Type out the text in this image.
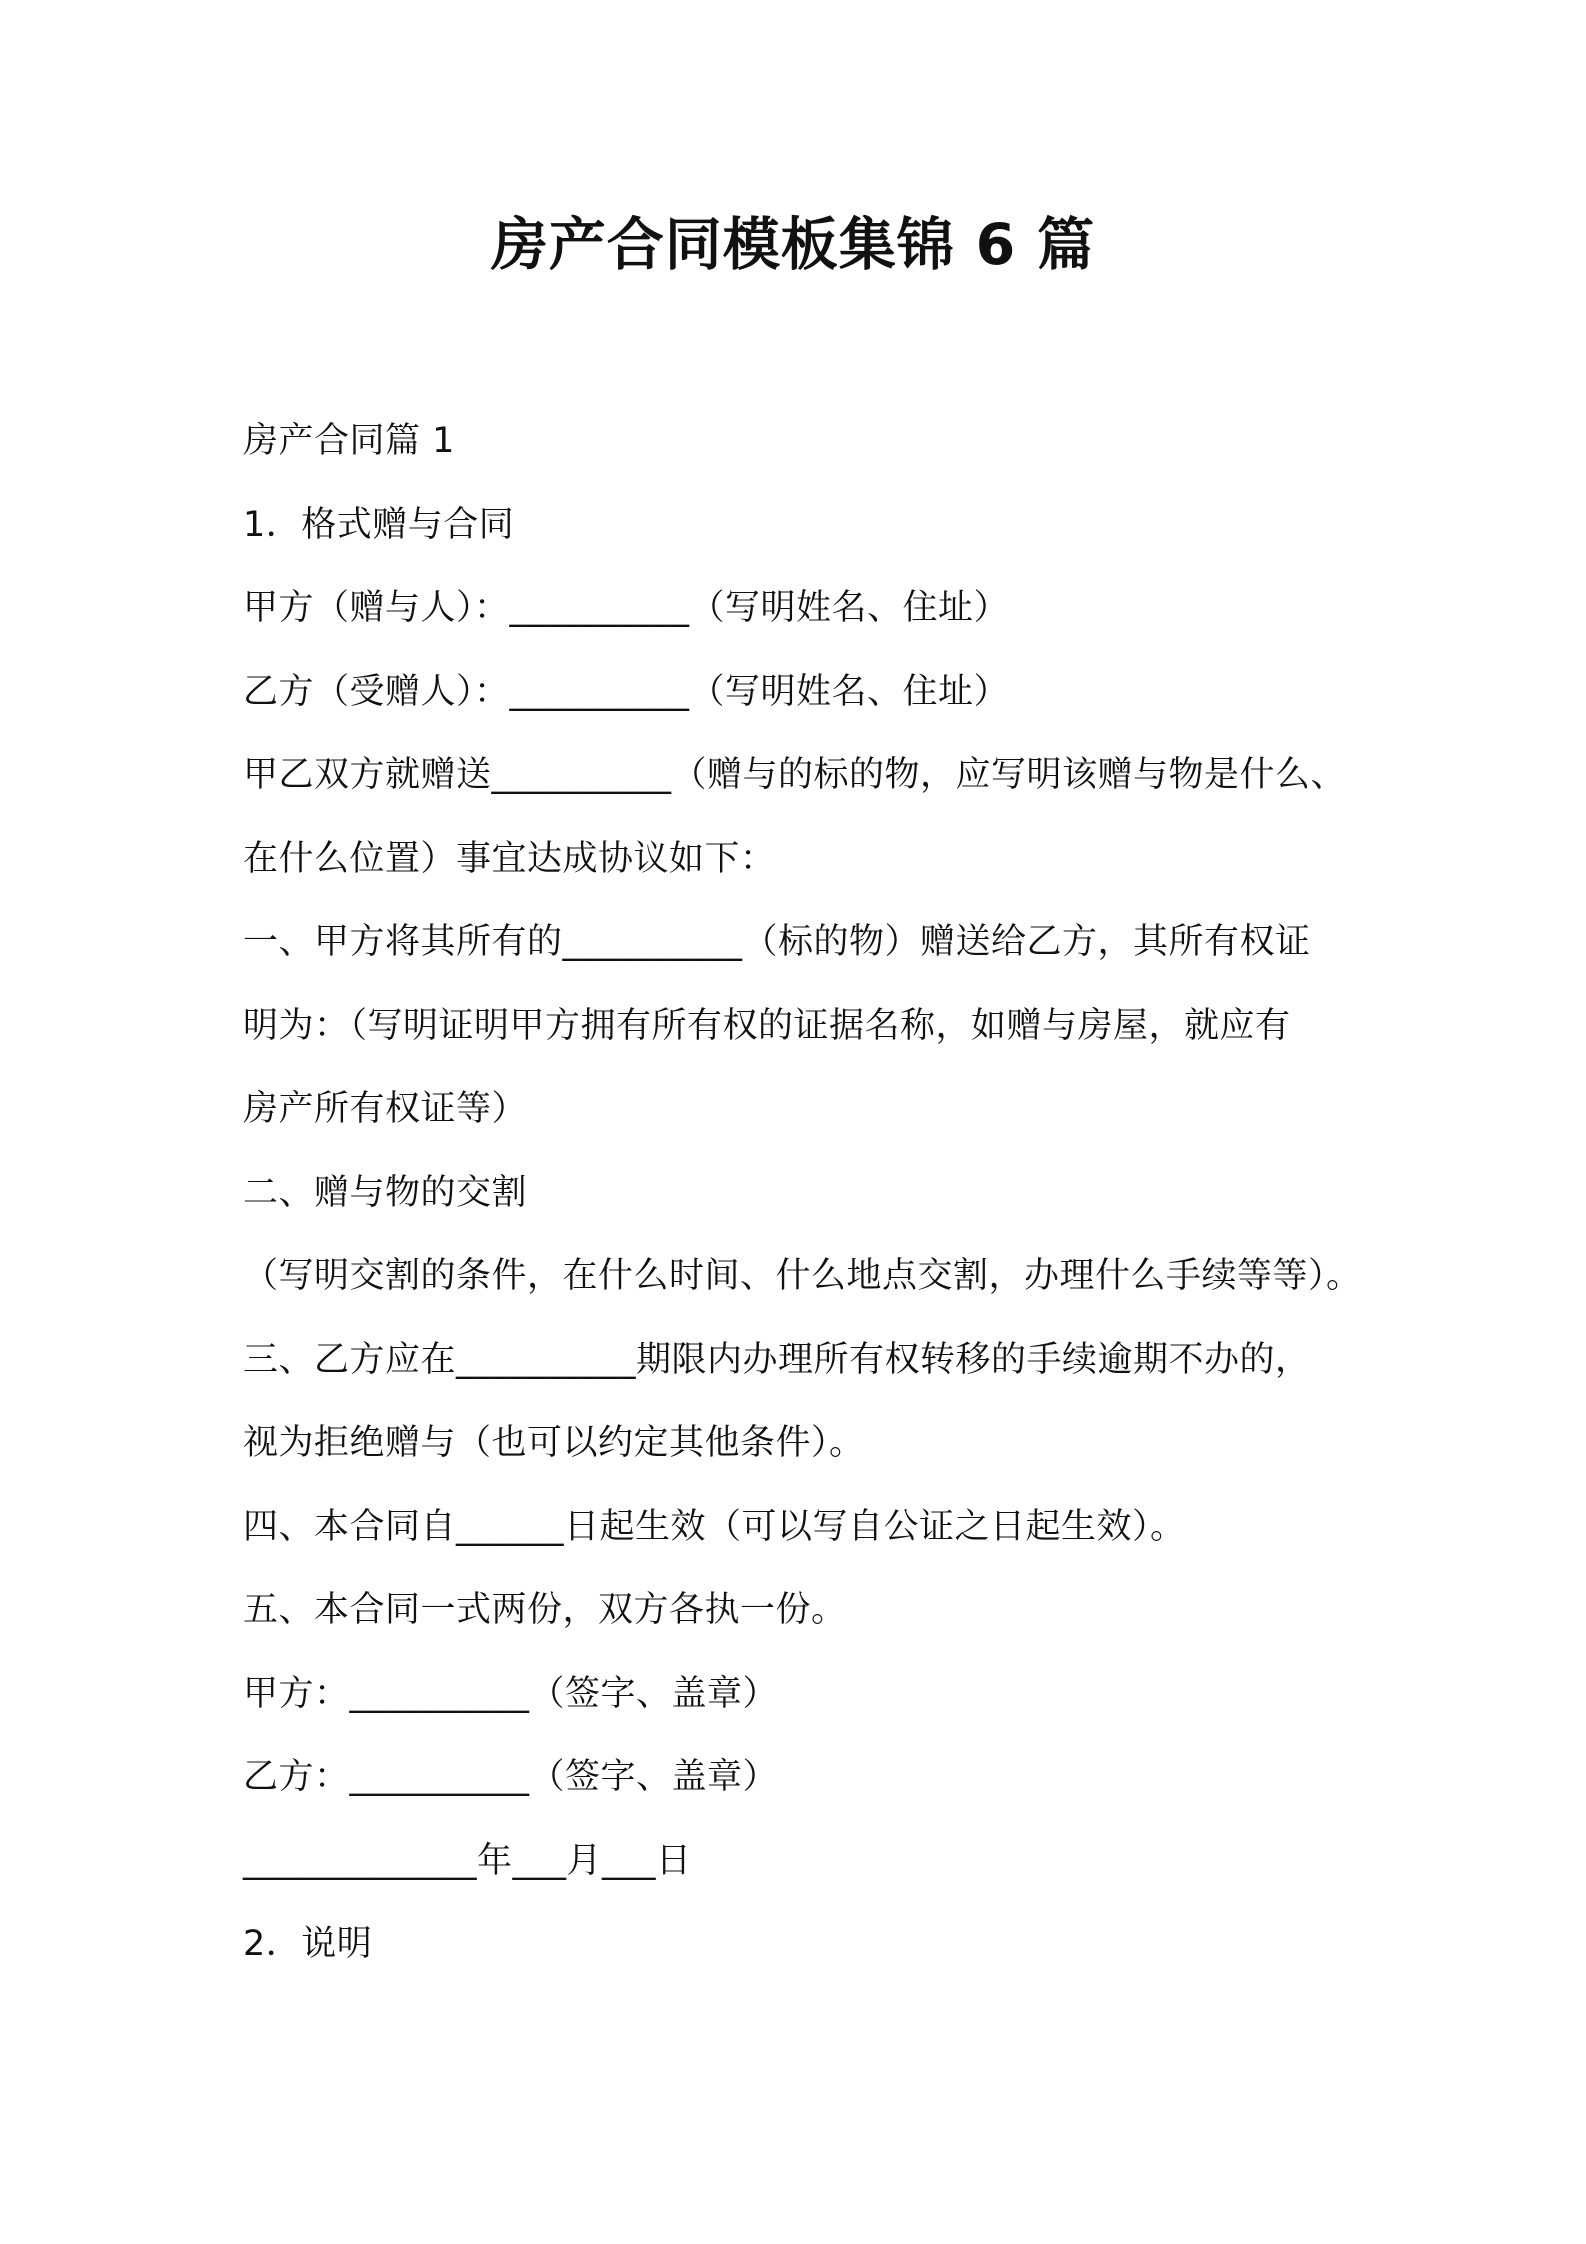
房产合同模板集锦 6 篇

房产合同篇 1

1．格式赠与合同

甲方（赠与人）：__________（写明姓名、住址）

乙方（受赠人）：__________（写明姓名、住址）

甲乙双方就赠送__________（赠与的标的物，应写明该赠与物是什么、

在什么位置）事宜达成协议如下：

一、甲方将其所有的__________（标的物）赠送给乙方，其所有权证

明为：（写明证明甲方拥有所有权的证据名称，如赠与房屋，就应有

房产所有权证等）

二、赠与物的交割

（写明交割的条件，在什么时间、什么地点交割，办理什么手续等等）。

三、乙方应在__________期限内办理所有权转移的手续逾期不办的，

视为拒绝赠与（也可以约定其他条件）。

四、本合同自______日起生效（可以写自公证之日起生效）。

五、本合同一式两份，双方各执一份。

甲方：__________（签字、盖章）

乙方：__________（签字、盖章）

_____________年___月___日

2．说明
